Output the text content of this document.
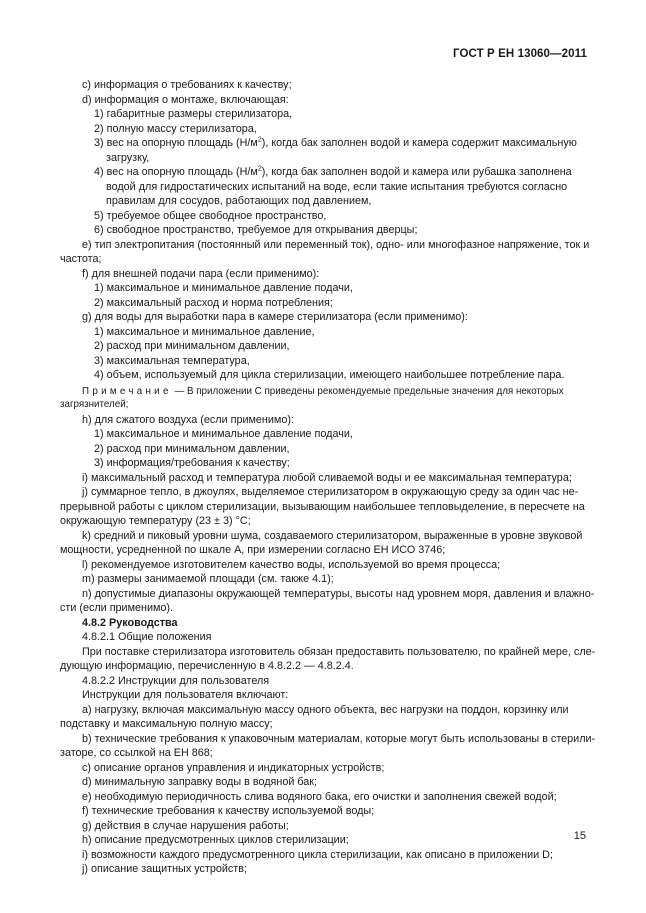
ГОСТ Р ЕН 13060—2011
c) информация о требованиях к качеству;
d) информация о монтаже, включающая:
1) габаритные размеры стерилизатора,
2) полную массу стерилизатора,
3) вес на опорную площадь $(Н/м^2)$, когда бак заполнен водой и камера содержит максимальную
загрузку,
4) вес на опорную площадь $(Н/м^2)$, когда бак заполнен водой и камера или рубашка заполнена
водой для гидростатических испытаний на воде, если такие испытания требуются согласно
правилам для сосудов, работающих под давлением,
5) требуемое общее свободное пространство,
6) свободное пространство, требуемое для открывания дверцы;
e) тип электропитания (постоянный или переменный ток), одно- или многофазное напряжение, ток и
частота;
f) для внешней подачи пара (если применимо):
1) максимальное и минимальное давление подачи,
2) максимальный расход и норма потребления;
g) для воды для выработки пара в камере стерилизатора (если применимо):
1) максимальное и минимальное давление,
2) расход при минимальном давлении,
3) максимальная температура,
4) объем, используемый для цикла стерилизации, имеющего наибольшее потребление пара.
Примечание — В приложении С приведены рекомендуемые предельные значения для некоторых
загрязнителей;
h) для сжатого воздуха (если применимо):
1) максимальное и минимальное давление подачи,
2) расход при минимальном давлении,
3) информация/требования к качеству;
i) максимальный расход и температура любой сливаемой воды и ее максимальная температура;
j) суммарное тепло, в джоулях, выделяемое стерилизатором в окружающую среду за один час не-
прерывной работы с циклом стерилизации, вызывающим наибольшее тепловыделение, в пересчете на
окружающую температуру (23 ± 3) °С;
k) средний и пиковый уровни шума, создаваемого стерилизатором, выраженные в уровне звуковой
мощности, усредненной по шкале А, при измерении согласно ЕН ИСО 3746;
l) рекомендуемое изготовителем качество воды, используемой во время процесса;
m) размеры занимаемой площади (см. также 4.1);
n) допустимые диапазоны окружающей температуры, высоты над уровнем моря, давления и влажно-
сти (если применимо).
4.8.2 Руководства
4.8.2.1 Общие положения
При поставке стерилизатора изготовитель обязан предоставить пользователю, по крайней мере, сле-
дующую информацию, перечисленную в 4.8.2.2 — 4.8.2.4.
4.8.2.2 Инструкции для пользователя
Инструкции для пользователя включают:
a) нагрузку, включая максимальную массу одного объекта, вес нагрузки на поддон, корзинку или
подставку и максимальную полную массу;
b) технические требования к упаковочным материалам, которые могут быть использованы в стерили-
заторе, со ссылкой на ЕН 868;
c) описание органов управления и индикаторных устройств;
d) минимальную заправку воды в водяной бак;
e) необходимую периодичность слива водяного бака, его очистки и заполнения свежей водой;
f) технические требования к качеству используемой воды;
g) действия в случае нарушения работы;
h) описание предусмотренных циклов стерилизации;
i) возможности каждого предусмотренного цикла стерилизации, как описано в приложении D;
j) описание защитных устройств;
15
